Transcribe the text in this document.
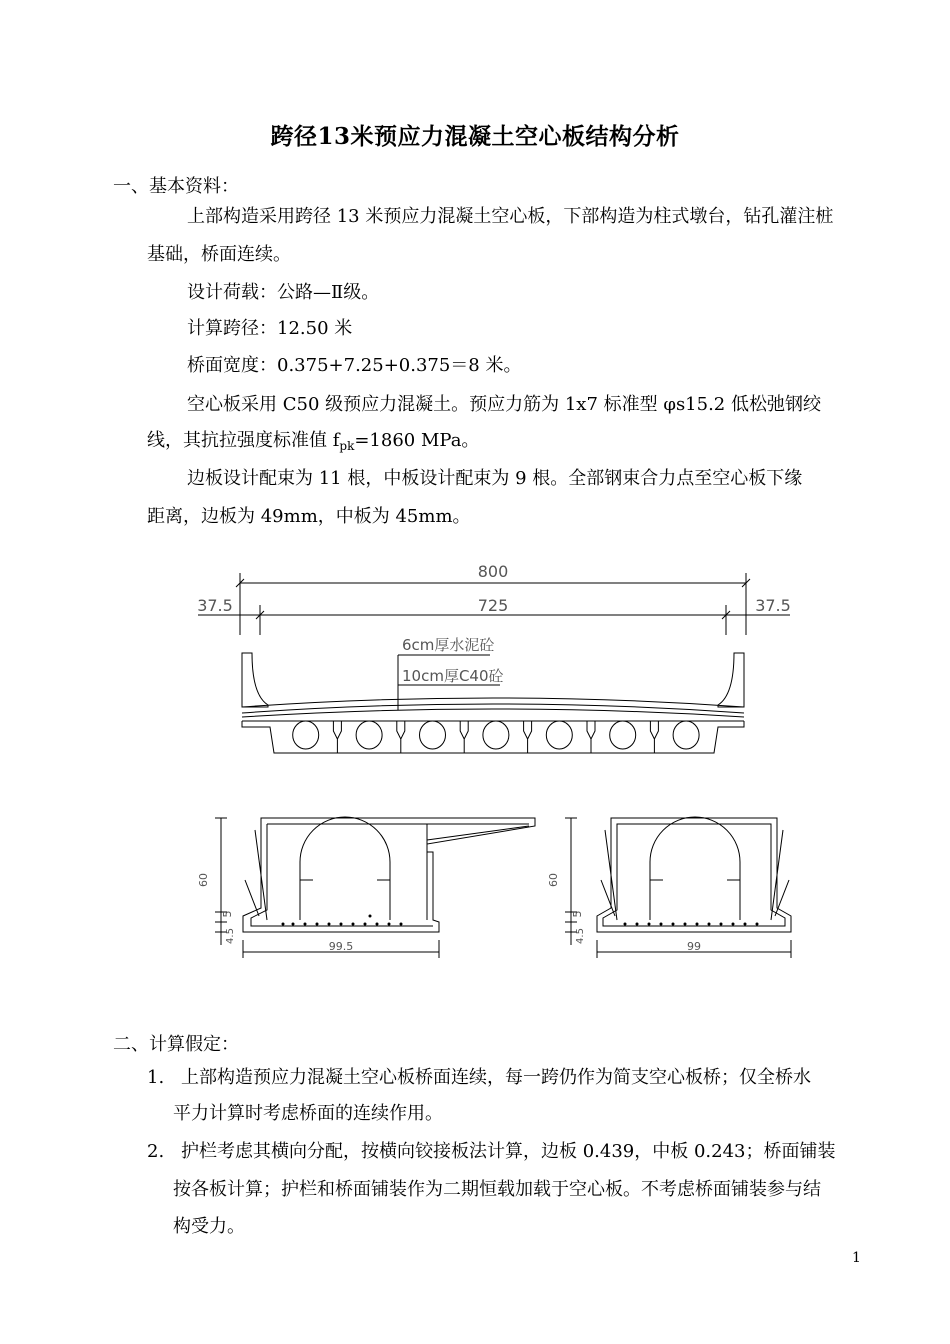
跨径13米预应力混凝土空心板结构分析
一、基本资料：
上部构造采用跨径 13 米预应力混凝土空心板，下部构造为柱式墩台，钻孔灌注桩
基础，桥面连续。
设计荷载：公路—Ⅱ级。
计算跨径：12.50 米
桥面宽度：0.375+7.25+0.375＝8 米。
空心板采用 C50 级预应力混凝土。预应力筋为 1x7 标准型 φs15.2 低松弛钢绞
线，其抗拉强度标准值 $f_{pk}=1860$ MPa。
边板设计配束为 11 根，中板设计配束为 9 根。全部钢束合力点至空心板下缘
距离，边板为 49mm，中板为 45mm。
800
37.5	725	37.5
6cm厚水泥砼
10cm厚C40砼
60
5
4.5
99.5
60
5
4.5
99
二、计算假定：
1. 上部构造预应力混凝土空心板桥面连续，每一跨仍作为简支空心板桥；仅全桥水
平力计算时考虑桥面的连续作用。
2. 护栏考虑其横向分配，按横向铰接板法计算，边板 0.439，中板 0.243；桥面铺装
按各板计算；护栏和桥面铺装作为二期恒载加载于空心板。不考虑桥面铺装参与结
构受力。
1
